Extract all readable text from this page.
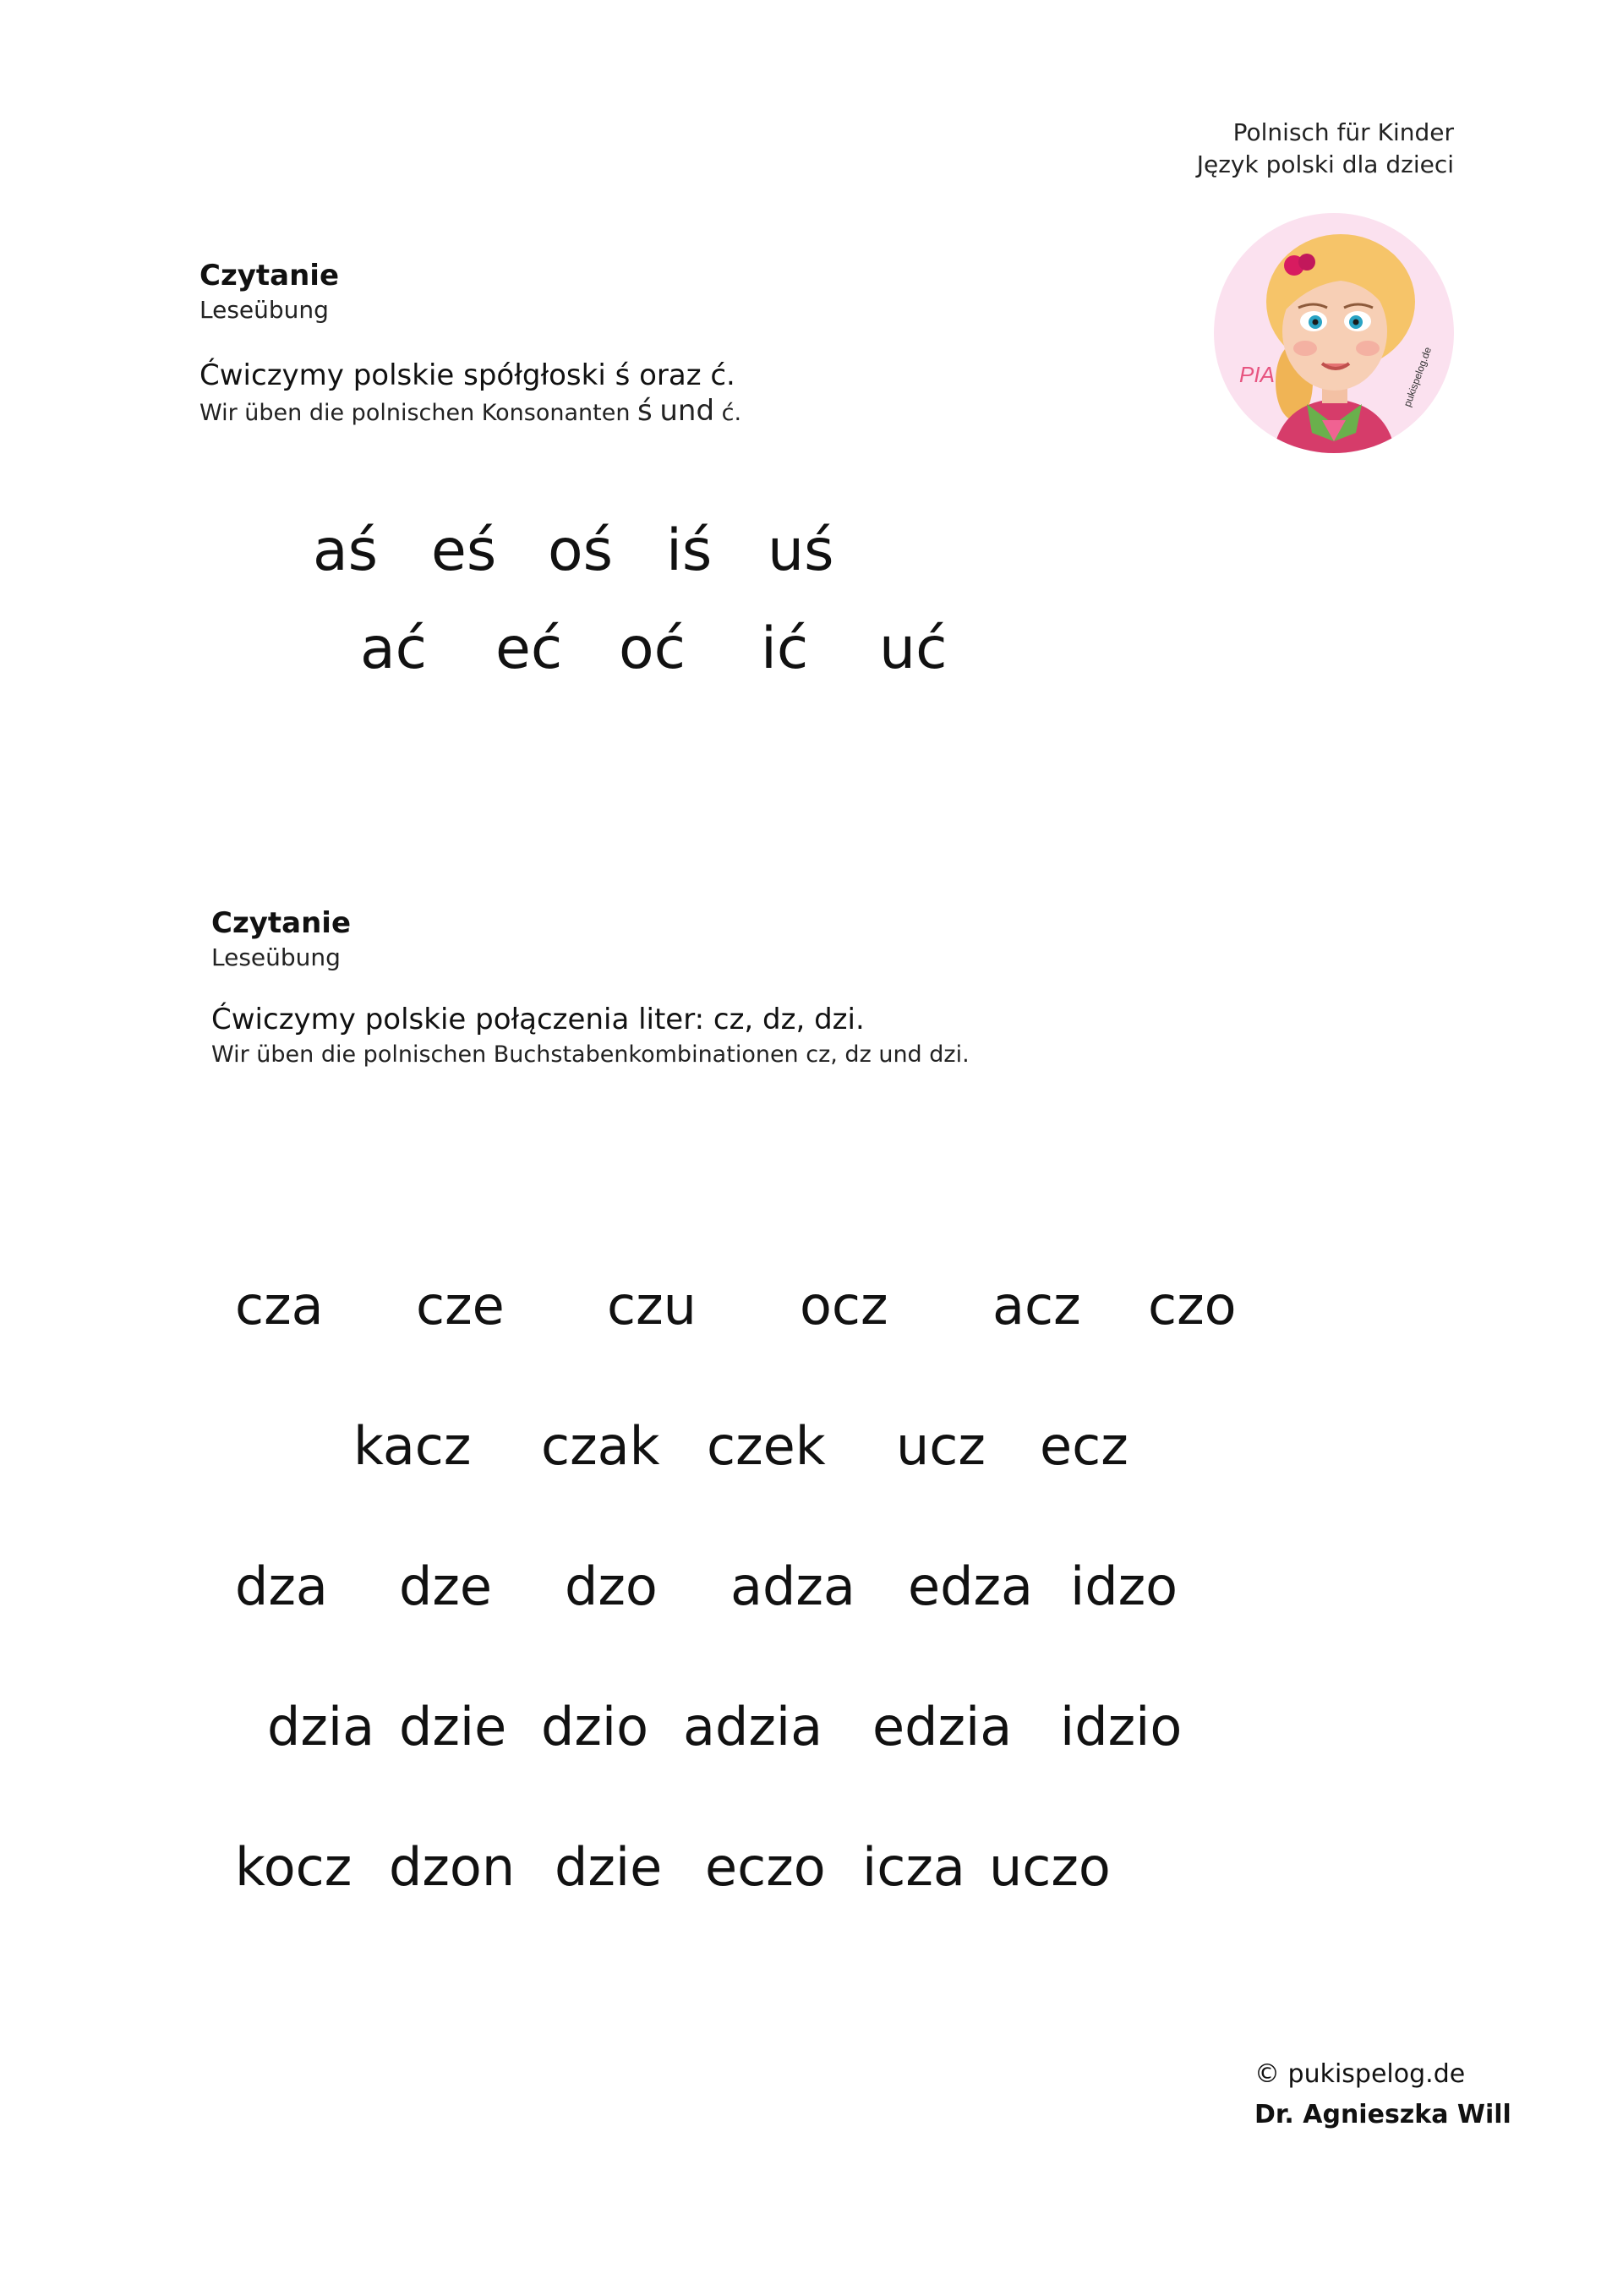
Polnisch für Kinder
Język polski dla dzieci
PIA	pukispelog.de
Czytanie
Leseübung
Ćwiczymy polskie spółgłoski ś oraz ć.
Wir üben die polnischen Konsonanten ś und ć.
aś eś oś iś uś
ać eć oć ić uć
Czytanie
Leseübung
Ćwiczymy polskie połączenia liter: cz, dz, dzi.
Wir üben die polnischen Buchstabenkombinationen cz, dz und dzi.
cza cze czu ocz acz czo
kacz czak czek ucz ecz
dza dze dzo adza edza idzo
dzia dzie dzio adzia edzia idzio
kocz dzon dzie eczo icza uczo
© pukispelog.de
Dr. Agnieszka Will
